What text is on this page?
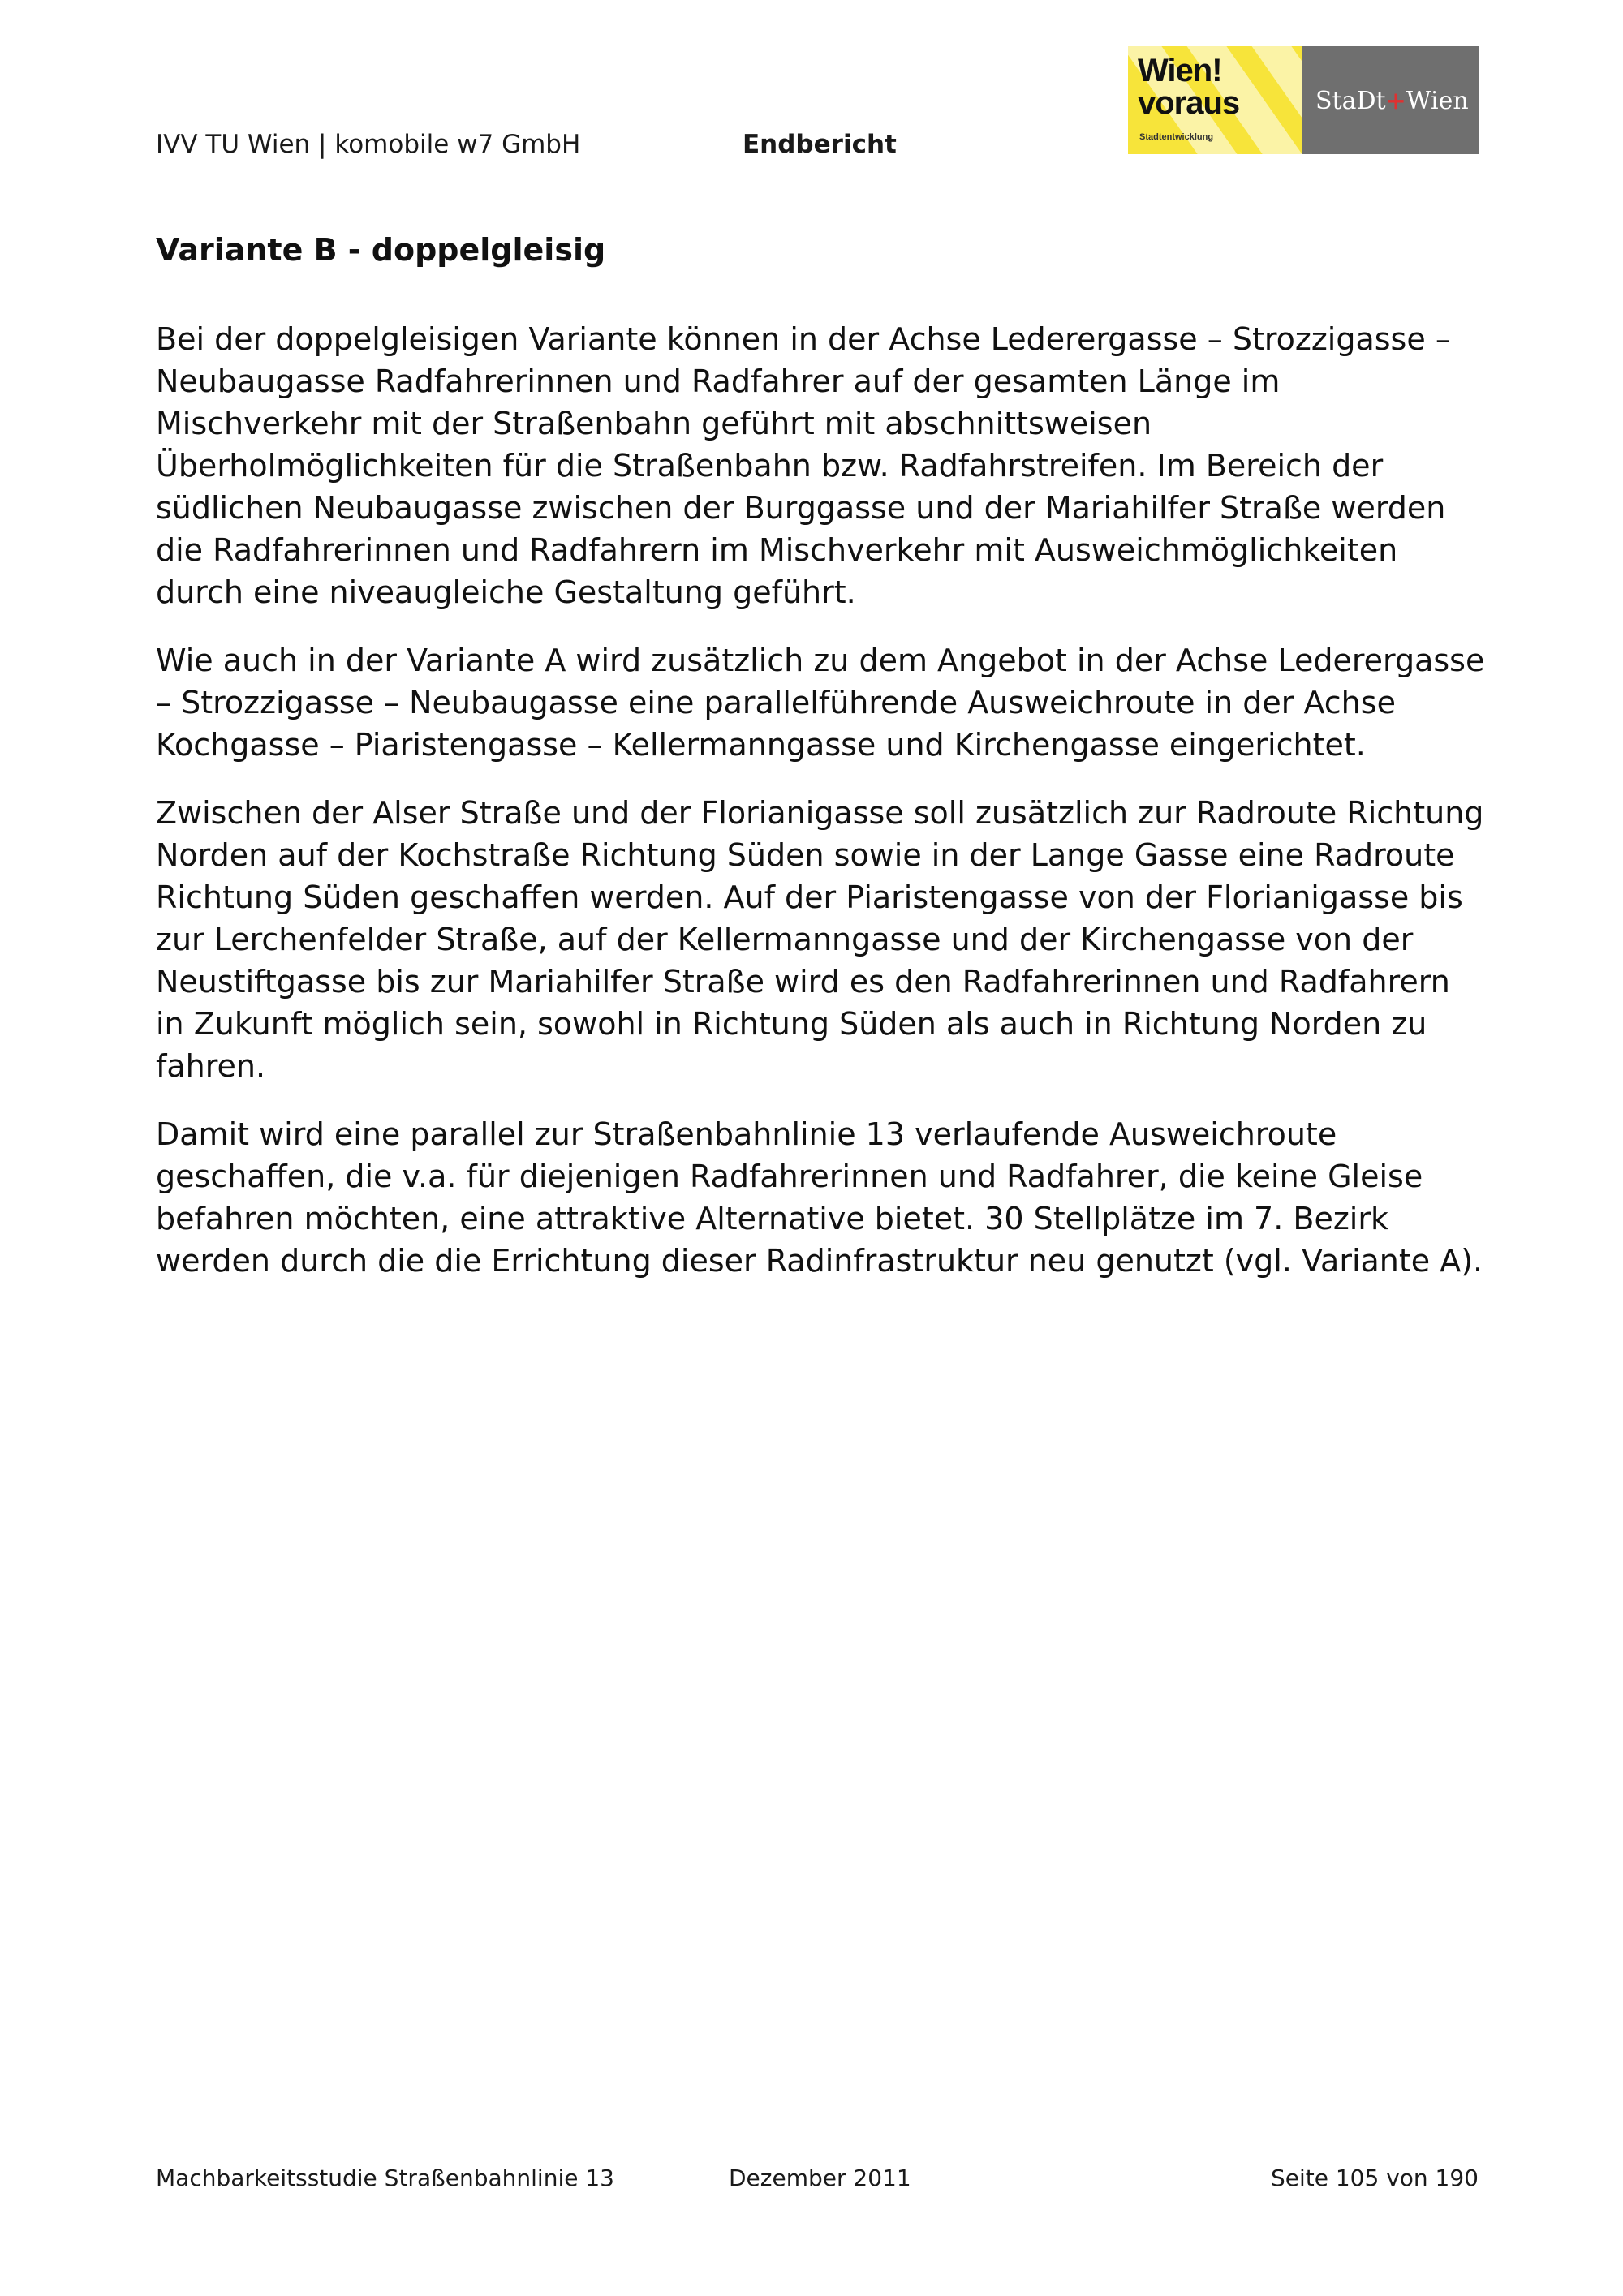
IVV TU Wien | komobile w7 GmbH	Endbericht
Wien!
voraus
Stadtentwicklung
StaDt+Wien
Variante B - doppelgleisig

Bei der doppelgleisigen Variante können in der Achse Lederergasse – Strozzigasse – Neubaugasse Radfahrerinnen und Radfahrer auf der gesamten Länge im Mischverkehr mit der Straßenbahn geführt mit abschnittsweisen Überholmöglichkeiten für die Straßenbahn bzw. Radfahrstreifen. Im Bereich der südlichen Neubaugasse zwischen der Burggasse und der Mariahilfer Straße werden die Radfahrerinnen und Radfahrern im Mischverkehr mit Ausweichmöglichkeiten durch eine niveaugleiche Gestaltung geführt.

Wie auch in der Variante A wird zusätzlich zu dem Angebot in der Achse Lederergasse – Strozzigasse – Neubaugasse eine parallelführende Ausweichroute in der Achse Kochgasse – Piaristengasse – Kellermanngasse und Kirchengasse eingerichtet.

Zwischen der Alser Straße und der Florianigasse soll zusätzlich zur Radroute Richtung Norden auf der Kochstraße Richtung Süden sowie in der Lange Gasse eine Radroute Richtung Süden geschaffen werden. Auf der Piaristengasse von der Florianigasse bis zur Lerchenfelder Straße, auf der Kellermanngasse und der Kirchengasse von der Neustiftgasse bis zur Mariahilfer Straße wird es den Radfahrerinnen und Radfahrern in Zukunft möglich sein, sowohl in Richtung Süden als auch in Richtung Norden zu fahren.

Damit wird eine parallel zur Straßenbahnlinie 13 verlaufende Ausweichroute geschaffen, die v.a. für diejenigen Radfahrerinnen und Radfahrer, die keine Gleise befahren möchten, eine attraktive Alternative bietet. 30 Stellplätze im 7. Bezirk werden durch die die Errichtung dieser Radinfrastruktur neu genutzt (vgl. Variante A).

Machbarkeitsstudie Straßenbahnlinie 13	Dezember 2011	Seite 105 von 190
